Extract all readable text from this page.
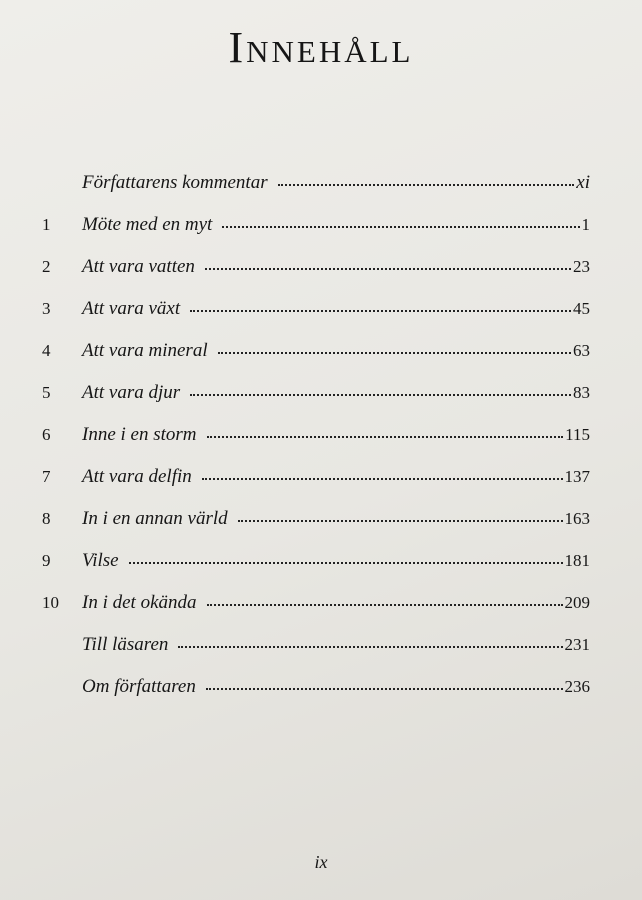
Innehåll
Författarens kommentar	xi
1	Möte med en myt	1
2	Att vara vatten	23
3	Att vara växt	45
4	Att vara mineral	63
5	Att vara djur	83
6	Inne i en storm	115
7	Att vara delfin	137
8	In i en annan värld	163
9	Vilse	181
10	In i det okända	209
Till läsaren	231
Om författaren	236
ix
